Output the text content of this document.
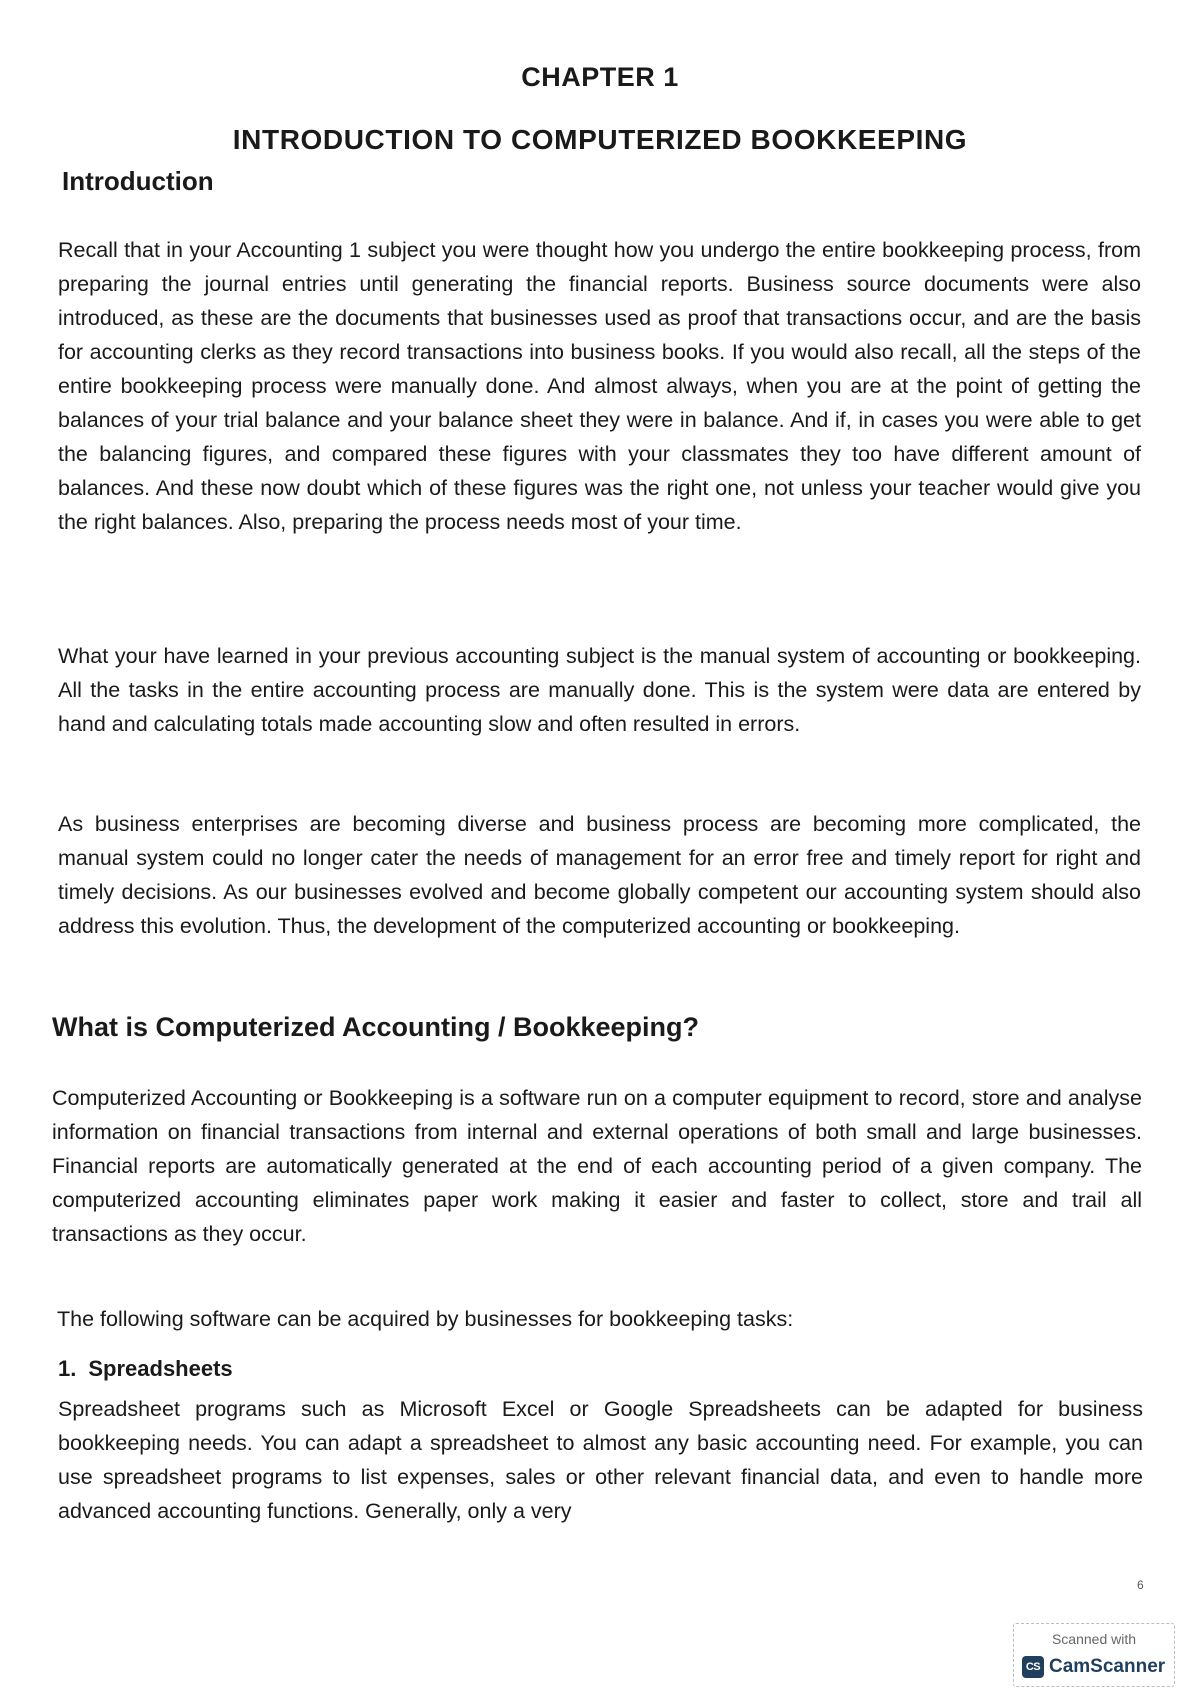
CHAPTER 1
INTRODUCTION TO COMPUTERIZED BOOKKEEPING
Introduction

Recall that in your Accounting 1 subject you were thought how you undergo the entire bookkeeping process, from preparing the journal entries until generating the financial reports. Business source documents were also introduced, as these are the documents that businesses used as proof that transactions occur, and are the basis for accounting clerks as they record transactions into business books. If you would also recall, all the steps of the entire bookkeeping process were manually done. And almost always, when you are at the point of getting the balances of your trial balance and your balance sheet they were in balance. And if, in cases you were able to get the balancing figures, and compared these figures with your classmates they too have different amount of balances. And these now doubt which of these figures was the right one, not unless your teacher would give you the right balances. Also, preparing the process needs most of your time.

What your have learned in your previous accounting subject is the manual system of accounting or bookkeeping. All the tasks in the entire accounting process are manually done. This is the system were data are entered by hand and calculating totals made accounting slow and often resulted in errors.

As business enterprises are becoming diverse and business process are becoming more complicated, the manual system could no longer cater the needs of management for an error free and timely report for right and timely decisions. As our businesses evolved and become globally competent our accounting system should also address this evolution. Thus, the development of the computerized accounting or bookkeeping.

What is Computerized Accounting / Bookkeeping?

Computerized Accounting or Bookkeeping is a software run on a computer equipment to record, store and analyse information on financial transactions from internal and external operations of both small and large businesses. Financial reports are automatically generated at the end of each accounting period of a given company. The computerized accounting eliminates paper work making it easier and faster to collect, store and trail all transactions as they occur.

The following software can be acquired by businesses for bookkeeping tasks:

1. Spreadsheets

Spreadsheet programs such as Microsoft Excel or Google Spreadsheets can be adapted for business bookkeeping needs. You can adapt a spreadsheet to almost any basic accounting need. For example, you can use spreadsheet programs to list expenses, sales or other relevant financial data, and even to handle more advanced accounting functions. Generally, only a very

6
Scanned with
CS CamScanner
